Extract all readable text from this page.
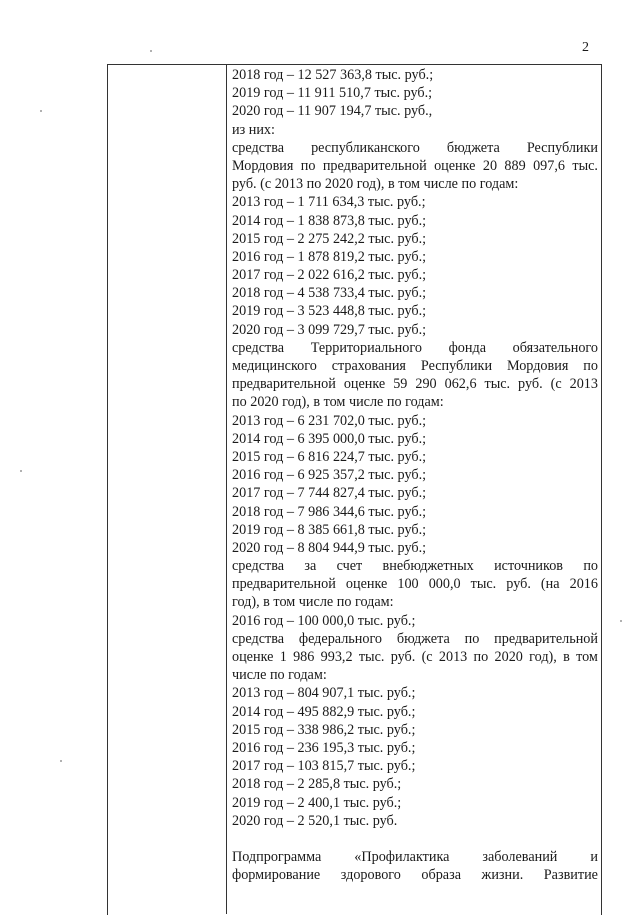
2
2018 год – 12 527 363,8 тыс. руб.;
2019 год – 11 911 510,7 тыс. руб.;
2020 год – 11 907 194,7 тыс. руб.,
из них:
средства республиканского бюджета Республики
Мордовия по предварительной оценке 20 889 097,6 тыс.
руб. (с 2013 по 2020 год), в том числе по годам:
2013 год – 1 711 634,3 тыс. руб.;
2014 год – 1 838 873,8 тыс. руб.;
2015 год – 2 275 242,2 тыс. руб.;
2016 год – 1 878 819,2 тыс. руб.;
2017 год – 2 022 616,2 тыс. руб.;
2018 год – 4 538 733,4 тыс. руб.;
2019 год – 3 523 448,8 тыс. руб.;
2020 год – 3 099 729,7 тыс. руб.;
средства Территориального фонда обязательного
медицинского страхования Республики Мордовия по
предварительной оценке 59 290 062,6 тыс. руб. (с 2013
по 2020 год), в том числе по годам:
2013 год – 6 231 702,0 тыс. руб.;
2014 год – 6 395 000,0 тыс. руб.;
2015 год – 6 816 224,7 тыс. руб.;
2016 год – 6 925 357,2 тыс. руб.;
2017 год – 7 744 827,4 тыс. руб.;
2018 год – 7 986 344,6 тыс. руб.;
2019 год – 8 385 661,8 тыс. руб.;
2020 год – 8 804 944,9 тыс. руб.;
средства за счет внебюджетных источников по
предварительной оценке 100 000,0 тыс. руб. (на 2016
год), в том числе по годам:
2016 год – 100 000,0 тыс. руб.;
средства федерального бюджета по предварительной
оценке 1 986 993,2 тыс. руб. (с 2013 по 2020 год), в том
числе по годам:
2013 год – 804 907,1 тыс. руб.;
2014 год – 495 882,9 тыс. руб.;
2015 год – 338 986,2 тыс. руб.;
2016 год – 236 195,3 тыс. руб.;
2017 год – 103 815,7 тыс. руб.;
2018 год – 2 285,8 тыс. руб.;
2019 год – 2 400,1 тыс. руб.;
2020 год – 2 520,1 тыс. руб.
Подпрограмма «Профилактика заболеваний и
формирование здорового образа жизни. Развитие
